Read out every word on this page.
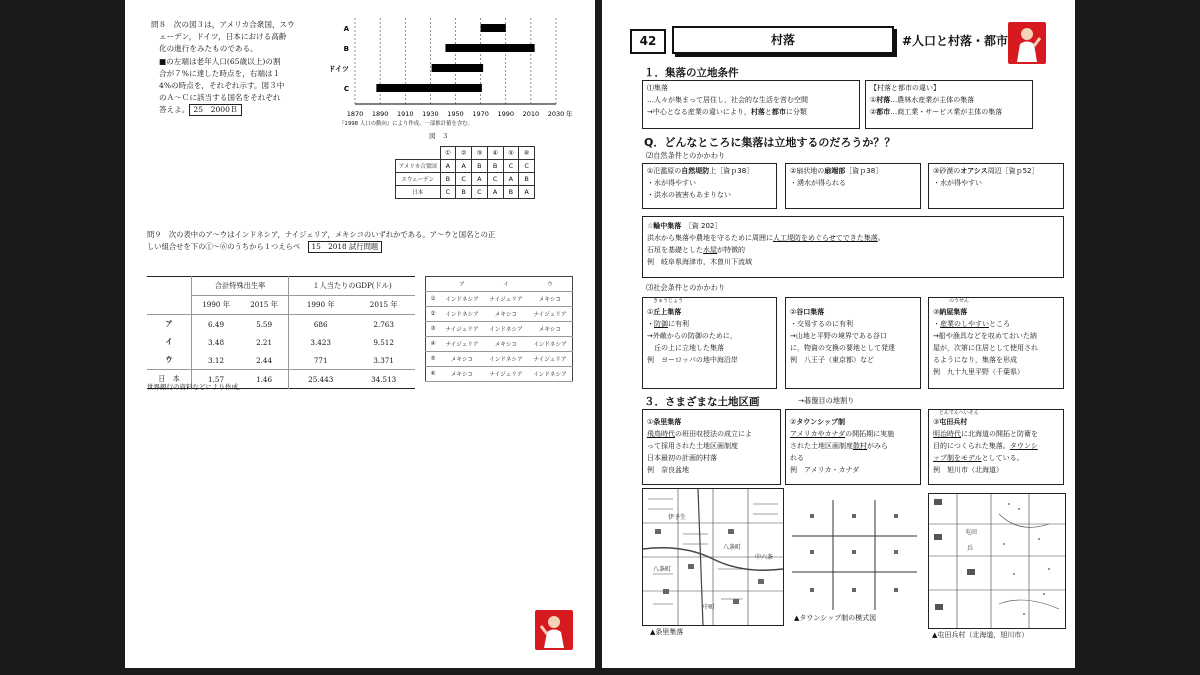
問８　次の図３は，アメリカ合衆国，スウ
ェーデン，ドイツ，日本における高齢
化の進行をみたものである。
■の左端は老年人口(65歳以上)の割
合が７%に達した時点を，右端は１
4%の時点を，それぞれ示す。図３中
のＡ～Ｃに該当する国名をそれぞれ
答えよ。 25　2000Ｂ	1870 1890 1910 1930 1950 1970 1990 2010 2030 年
A
B
ドイツ
C
『1998 人口の動向』により作成。一部推計値を含む。
図　３
	①	②	③	④	⑤	⑥
アメリカ合衆国	A	A	B	B	C	C
スウェーデン	B	C	A	C	A	B
日本	C	B	C	A	B	A
問９　次の表中のア～ウはインドネシア，ナイジェリア，メキシコのいずれかである。ア～ウと国名との正
しい組合せを下の①～⑥のうちから１つえらべ　 15　2018 試行問題
	合計特殊出生率		１人当たりのGDP(ドル)	
	1990 年	2015 年	1990 年	2015 年
ア	6.49	5.59	686	2.763
イ	3.48	2.21	3.423	9.512
ウ	3.12	2.44	771	3.371
日　本	1.57	1.46	25.443	34.513
世界銀行の資料などにより作成。
	ア	イ	ウ
①	インドネシア	ナイジェリア	メキシコ
②	インドネシア	メキシコ	ナイジェリア
③	ナイジェリア	インドネシア	メキシコ
④	ナイジェリア	メキシコ	インドネシア
⑤	メキシコ	インドネシア	ナイジェリア
⑥	メキシコ	ナイジェリア	インドネシア
42	村落	#人口と村落・都市
１．集落の立地条件
⑴集落
…人々が集まって居住し，社会的な生活を営む空間
→中心となる産業の違いにより，村落と都市に分類
【村落と都市の違い】
①村落…農林水産業が主体の集落
②都市…商工業・サービス業が主体の集落
Q．どんなところに集落は立地するのだろうか？？
⑵自然条件とのかかわり
①氾濫原の自然堤防上［資ｐ38］
・水が得やすい
・洪水の被害もあまりない
②扇状地の扇端部［資ｐ38］
・湧水が得られる
③砂漠のオアシス周辺［資ｐ52］
・水が得やすい
☆輪中集落　 ［資 202］
洪水から集落や農地を守るために周囲に人工堤防をめぐらせてできた集落。
石垣を基礎とした水屋が特徴的
例　岐阜県海津市，木曽川下流域
⑶社会条件とのかかわり
きゅうじょう
①丘上集落
・防御に有利
→外敵からの防御のために，
丘の上に立地した集落
例　ヨーロッパの地中海沿岸
②谷口集落
・交易するのに有利
→山地と平野の境界である谷口
に，物資の交換の要地として発達
例　八王子（東京都）など
のうせん
③納屋集落
・産業のしやすいところ
→船や漁具などを収めておいた納
屋が，次第に住居として使用され
るようになり，集落を形成
例　九十九里平野（千葉県）
３．さまざまな土地区画	→碁盤目の地割り
①条里集落
飛鳥時代の班田収授法の成立によ
って採用された土地区画制度
日本最初の計画的村落
例　奈良盆地
②タウンシップ制
アメリカやカナダの開拓期に実施
された土地区画制度散村がみら
れる
例　アメリカ・カナダ
とんでんへいそん
③屯田兵村
明治時代に北海道の開拓と防衛を
目的につくられた集落。タウンシ
ップ制をモデルとしている。
例　旭川市（北海道）
伊予生
八条町
八条町
中町
中六条
▲条里集落
▲タウンシップ制の模式図
屯田
兵
▲屯田兵村（北海道，旭川市）
